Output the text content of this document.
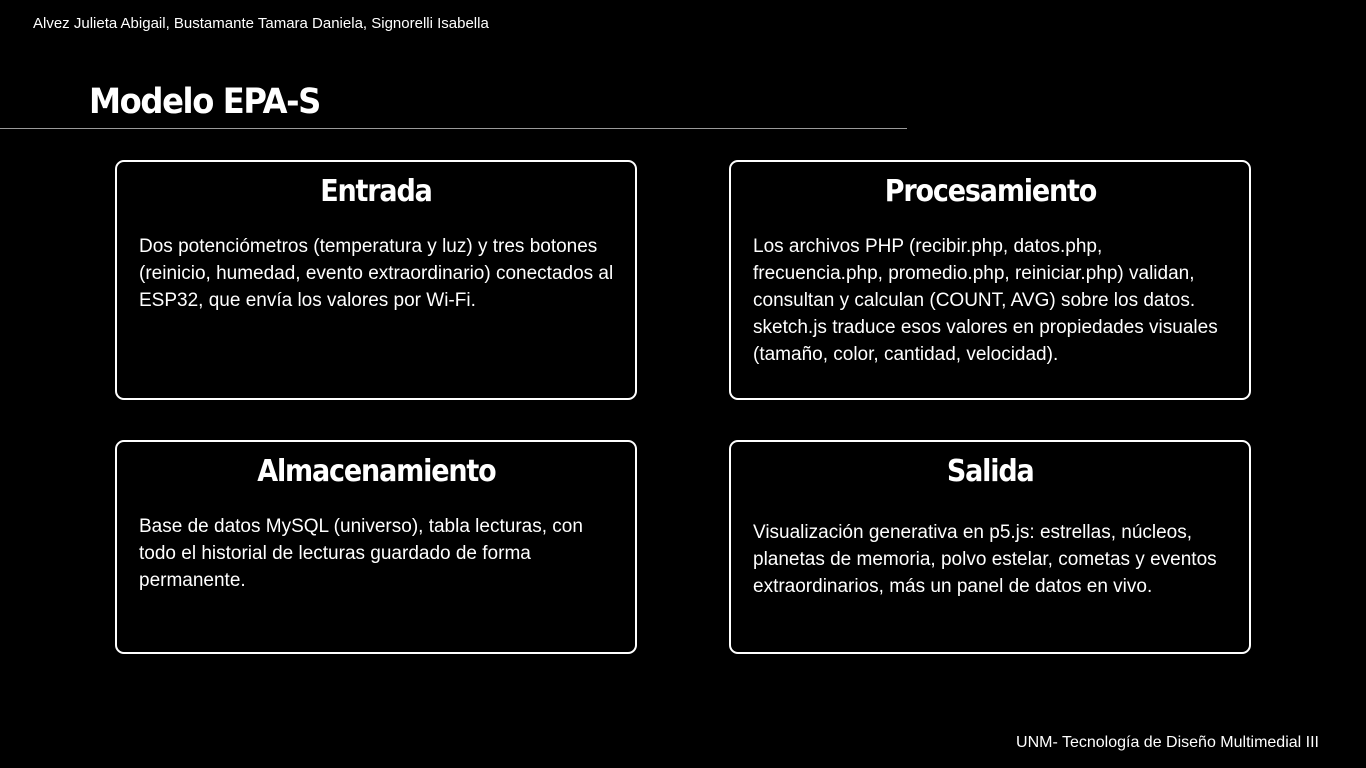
Alvez Julieta Abigail, Bustamante Tamara Daniela, Signorelli Isabella
Modelo EPA-S
Entrada

Dos potenciómetros (temperatura y luz) y tres botones (reinicio, humedad, evento extraordinario) conectados al ESP32, que envía los valores por Wi-Fi.

Procesamiento

Los archivos PHP (recibir.php, datos.php, frecuencia.php, promedio.php, reiniciar.php) validan, consultan y calculan (COUNT, AVG) sobre los datos. sketch.js traduce esos valores en propiedades visuales (tamaño, color, cantidad, velocidad).

Almacenamiento

Base de datos MySQL (universo), tabla lecturas, con todo el historial de lecturas guardado de forma permanente.

Salida

Visualización generativa en p5.js: estrellas, núcleos, planetas de memoria, polvo estelar, cometas y eventos extraordinarios, más un panel de datos en vivo.

UNM- Tecnología de Diseño Multimedial III
